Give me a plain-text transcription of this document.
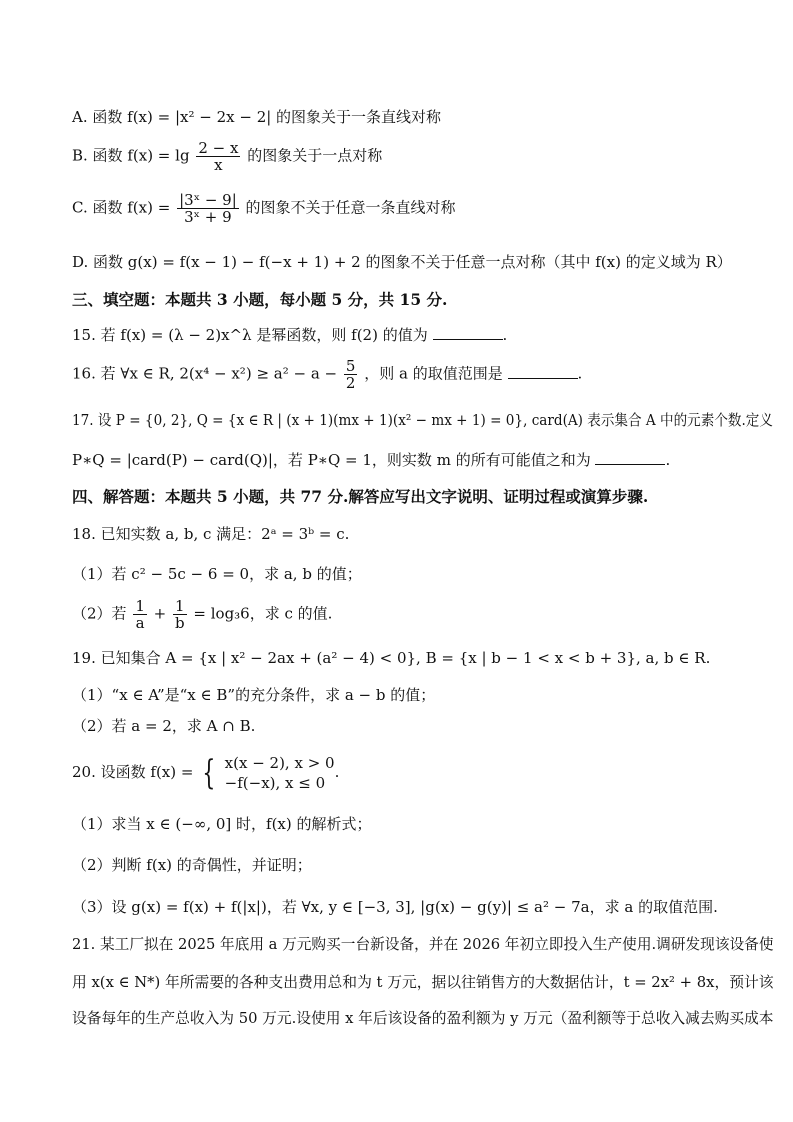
A. 函数 f(x) = |x² − 2x − 2| 的图象关于一条直线对称
B. 函数 $f(x) = \lg \frac{2 - x}{x}$ 的图象关于一点对称
C. 函数 $f(x) = \frac{\text{|3ˣ − 9|}}{\text{3ˣ + 9}}$ 的图象不关于任意一条直线对称
D. 函数 g(x) = f(x − 1) − f(−x + 1) + 2 的图象不关于任意一点对称（其中 f(x) 的定义域为 R）
三、填空题：本题共 3 小题，每小题 5 分，共 15 分.
15. 若 f(x) = (λ − 2)x^λ 是幂函数，则 f(2) 的值为	.
16. 若 ∀x ∈ R, $2(x^4 - x^2) \ge a^2 - a - \frac{5}{2}$ ，则 a 的取值范围是	.
17. 设 P = {0, 2}, Q = {x ∈ R | (x + 1)(mx + 1)(x² − mx + 1) = 0}, card(A) 表示集合 A 中的元素个数.定义
P∗Q = |card(P) − card(Q)|，若 P∗Q = 1，则实数 m 的所有可能值之和为	.
四、解答题：本题共 5 小题，共 77 分.解答应写出文字说明、证明过程或演算步骤.
18. 已知实数 a, b, c 满足：2ᵃ = 3ᵇ = c.
（1）若 c² − 5c − 6 = 0，求 a, b 的值；
（2）若 $\frac{1}{a} + \frac{1}{b} = \log_36$，求 c 的值.
19. 已知集合 A = {x | x² − 2ax + (a² − 4) < 0}, B = {x | b − 1 < x < b + 3}, a, b ∈ R.
（1）“x ∈ A”是“x ∈ B”的充分条件，求 a − b 的值；
（2）若 a = 2，求 A ∩ B.
20. 设函数 f(x) = { x(x − 2), x > 0
−f(−x), x ≤ 0
.
（1）求当 x ∈ (−∞, 0] 时，f(x) 的解析式；
（2）判断 f(x) 的奇偶性，并证明；
（3）设 g(x) = f(x) + f(|x|)，若 ∀x, y ∈ [−3, 3], |g(x) − g(y)| ≤ a² − 7a，求 a 的取值范围.
21. 某工厂拟在 2025 年底用 a 万元购买一台新设备，并在 2026 年初立即投入生产使用.调研发现该设备使
用 x(x ∈ N*) 年所需要的各种支出费用总和为 t 万元，据以往销售方的大数据估计，t = 2x² + 8x，预计该
设备每年的生产总收入为 50 万元.设使用 x 年后该设备的盈利额为 y 万元（盈利额等于总收入减去购买成本
